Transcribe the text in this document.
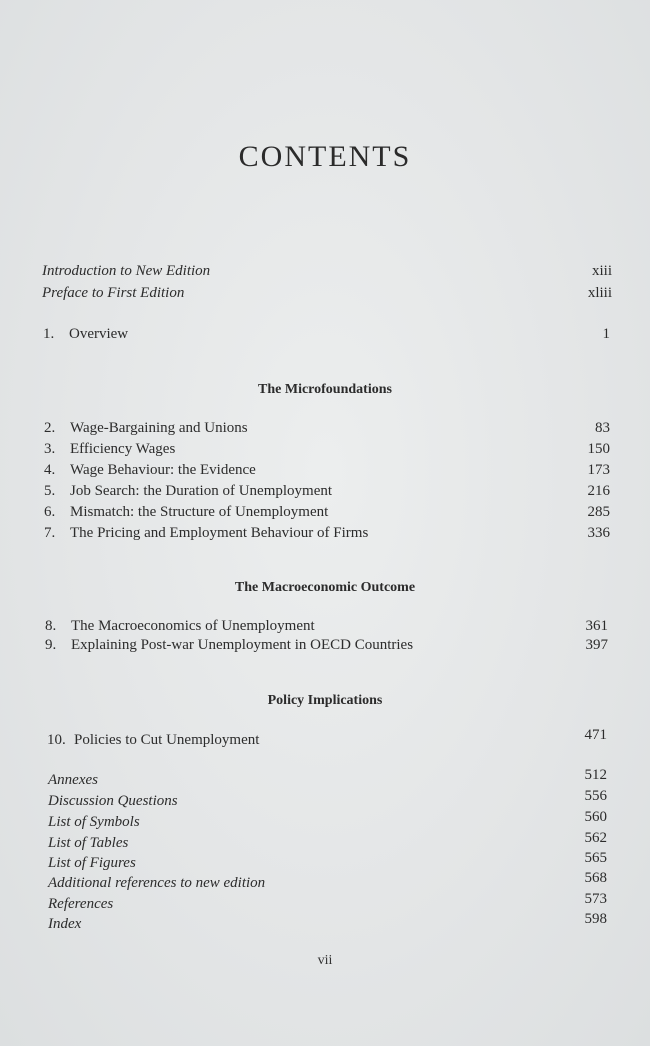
CONTENTS
Introduction to New Edition	xiii
Preface to First Edition	xliii
1. Overview	1
The Microfoundations
2. Wage-Bargaining and Unions	83
3. Efficiency Wages	150
4. Wage Behaviour: the Evidence	173
5. Job Search: the Duration of Unemployment	216
6. Mismatch: the Structure of Unemployment	285
7. The Pricing and Employment Behaviour of Firms	336
The Macroeconomic Outcome
8. The Macroeconomics of Unemployment	361
9. Explaining Post-war Unemployment in OECD Countries	397
Policy Implications
10. Policies to Cut Unemployment	471
Annexes	512
Discussion Questions	556
List of Symbols	560
List of Tables	562
List of Figures	565
Additional references to new edition	568
References	573
Index	598
vii
